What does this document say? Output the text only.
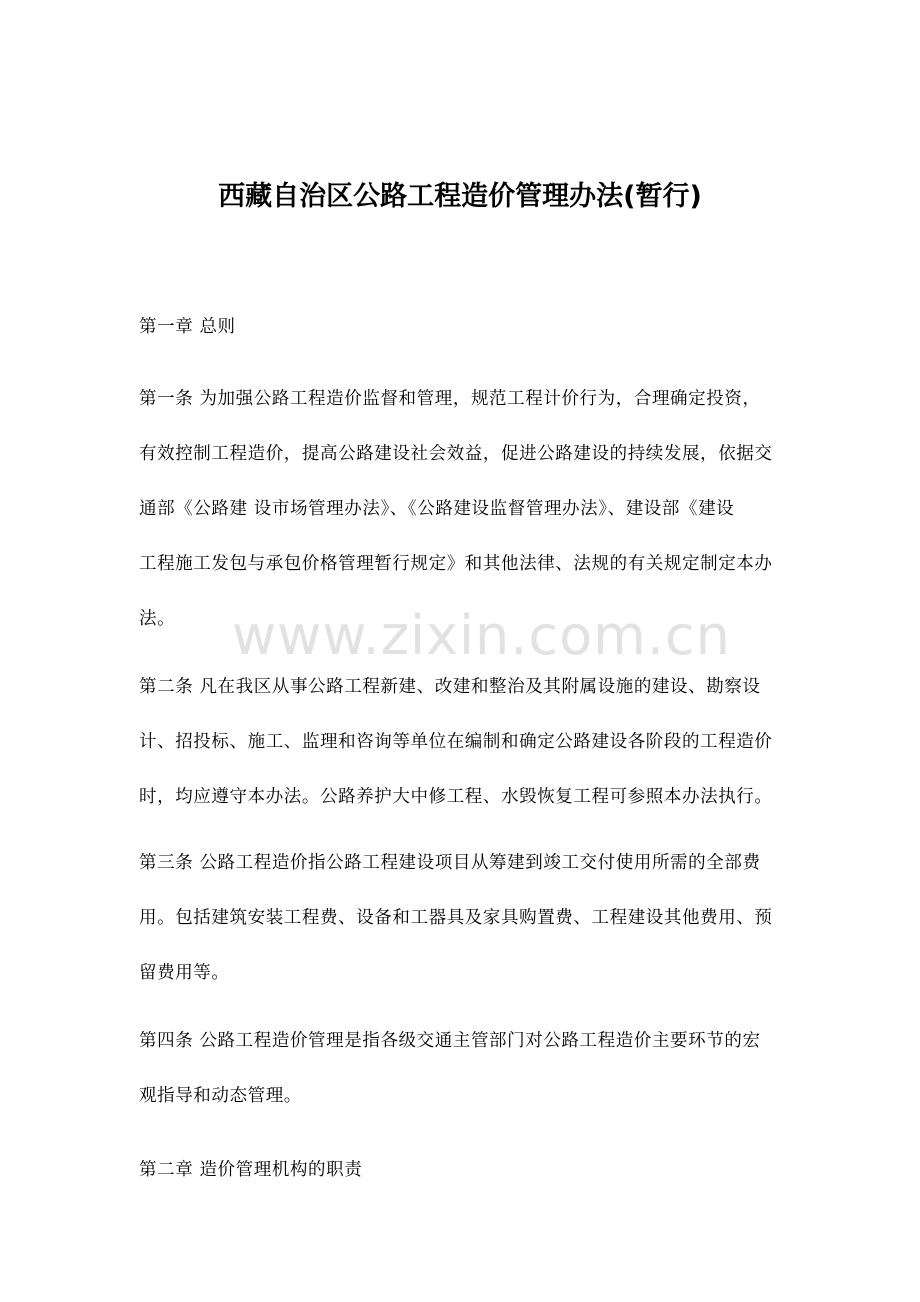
www.zixin.com.cn
西藏自治区公路工程造价管理办法(暂行)
第一章 总则
第一条 为加强公路工程造价监督和管理，规范工程计价行为，合理确定投资，
有效控制工程造价，提高公路建设社会效益，促进公路建设的持续发展，依据交
通部《公路建 设市场管理办法》、《公路建设监督管理办法》、建设部《建设
工程施工发包与承包价格管理暂行规定》和其他法律、法规的有关规定制定本办
法。
第二条 凡在我区从事公路工程新建、改建和整治及其附属设施的建设、勘察设
计、招投标、施工、监理和咨询等单位在编制和确定公路建设各阶段的工程造价
时，均应遵守本办法。公路养护大中修工程、水毁恢复工程可参照本办法执行。
第三条 公路工程造价指公路工程建设项目从筹建到竣工交付使用所需的全部费
用。包括建筑安装工程费、设备和工器具及家具购置费、工程建设其他费用、预
留费用等。
第四条 公路工程造价管理是指各级交通主管部门对公路工程造价主要环节的宏
观指导和动态管理。
第二章 造价管理机构的职责
